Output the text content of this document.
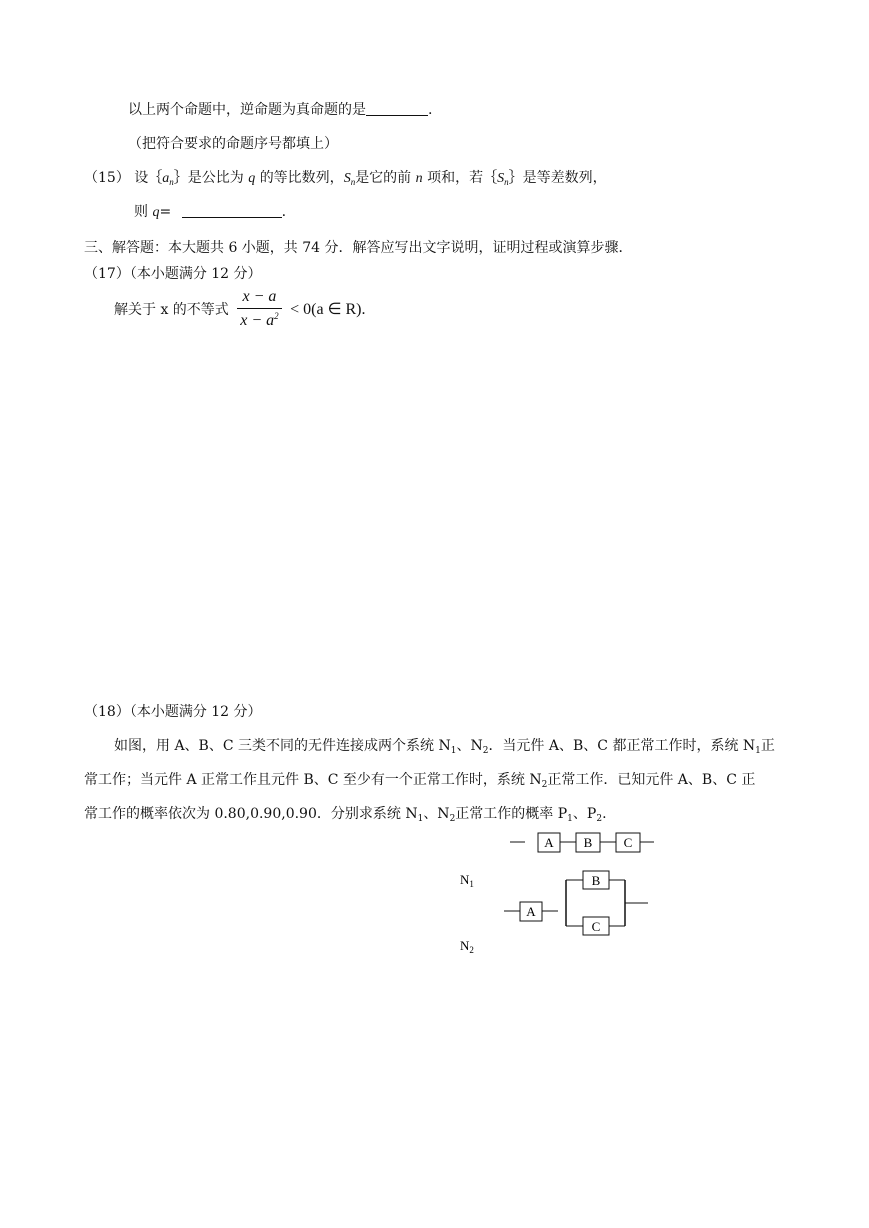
以上两个命题中，逆命题为真命题的是	.
（把符合要求的命题序号都填上）
（15） 设$\{a_n\}$是公比为 q 的等比数列，$S_n$是它的前 n 项和，若$\{S_n\}$是等差数列，
则 q=	.
三、解答题：本大题共 6 小题，共 74 分．解答应写出文字说明，证明过程或演算步骤．
（17）（本小题满分 12 分）
解关于 x 的不等式 $\frac{x - a}{x - a^2} < 0(a$ ∈ R).
（18）（本小题满分 12 分）
如图，用 A、B、C 三类不同的无件连接成两个系统 $N_1$、$N_2$．当元件 A、B、C 都正常工作时，系统 $N_1$正
常工作；当元件 A 正常工作且元件 B、C 至少有一个正常工作时，系统 $N_2$正常工作．已知元件 A、B、C 正
常工作的概率依次为 0.80,0.90,0.90．分别求系统 $N_1$、$N_2$正常工作的概率 $P_1$、$P_2$.
A B C
$N_1$
$N_2$
A
B
C
